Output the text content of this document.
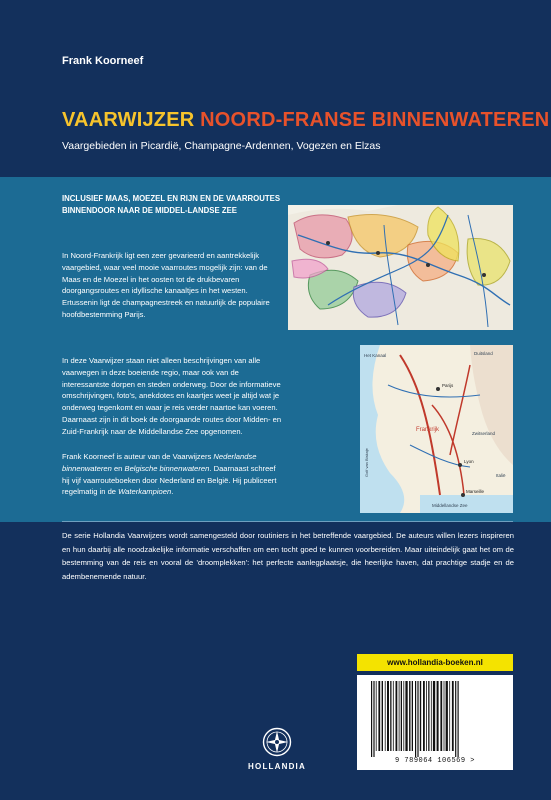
Frank Koorneef
VAARWIJZER NOORD-FRANSE BINNENWATEREN
Vaargebieden in Picardië, Champagne-Ardennen, Vogezen en Elzas
INCLUSIEF MAAS, MOEZEL EN RIJN EN DE VAARROUTES BINNENDOOR NAAR DE MIDDEL-LANDSE ZEE
In Noord-Frankrijk ligt een zeer gevarieerd en aantrekkelijk vaargebied, waar veel mooie vaarroutes mogelijk zijn: van de Maas en de Moezel in het oosten tot de drukbevaren doorgangsroutes en idyllische kanaaltjes in het westen. Ertussenin ligt de champagnestreek en natuurlijk de populaire hoofdbestemming Parijs.
In deze Vaarwijzer staan niet alleen beschrijvingen van alle vaarwegen in deze boeiende regio, maar ook van de interessantste dorpen en steden onderweg. Door de informatieve omschrijvingen, foto's, anekdotes en kaartjes weet je altijd wat je onderweg tegenkomt en waar je reis verder naartoe kan voeren. Daarnaast zijn in dit boek de doorgaande routes door Midden- en Zuid-Frankrijk naar de Middellandse Zee opgenomen.
Frank Koorneef is auteur van de Vaarwijzers Nederlandse binnenwateren en Belgische binnenwateren. Daarnaast schreef hij vijf vaarrouteboeken door Nederland en België. Hij publiceert regelmatig in de Waterkampioen.
De serie Hollandia Vaarwijzers wordt samengesteld door routiniers in het betreffende vaargebied. De auteurs willen lezers inspireren en hun daarbij alle noodzakelijke informatie verschaffen om een tocht goed te kunnen voorbereiden. Maar uiteindelijk gaat het om de bestemming van de reis en vooral de 'droomplekken': het perfecte aanlegplaatsje, die heerlijke haven, dat prachtige stadje en de adembenemende natuur.
Het Kanaal	Duitsland
Parijs
Frankrijk
Zwitserland
Lyon
Golf van Biskaje
Marseille
Middellandse Zee
Italië
www.hollandia-boeken.nl
9 789064 106569 >
HOLLANDIA
